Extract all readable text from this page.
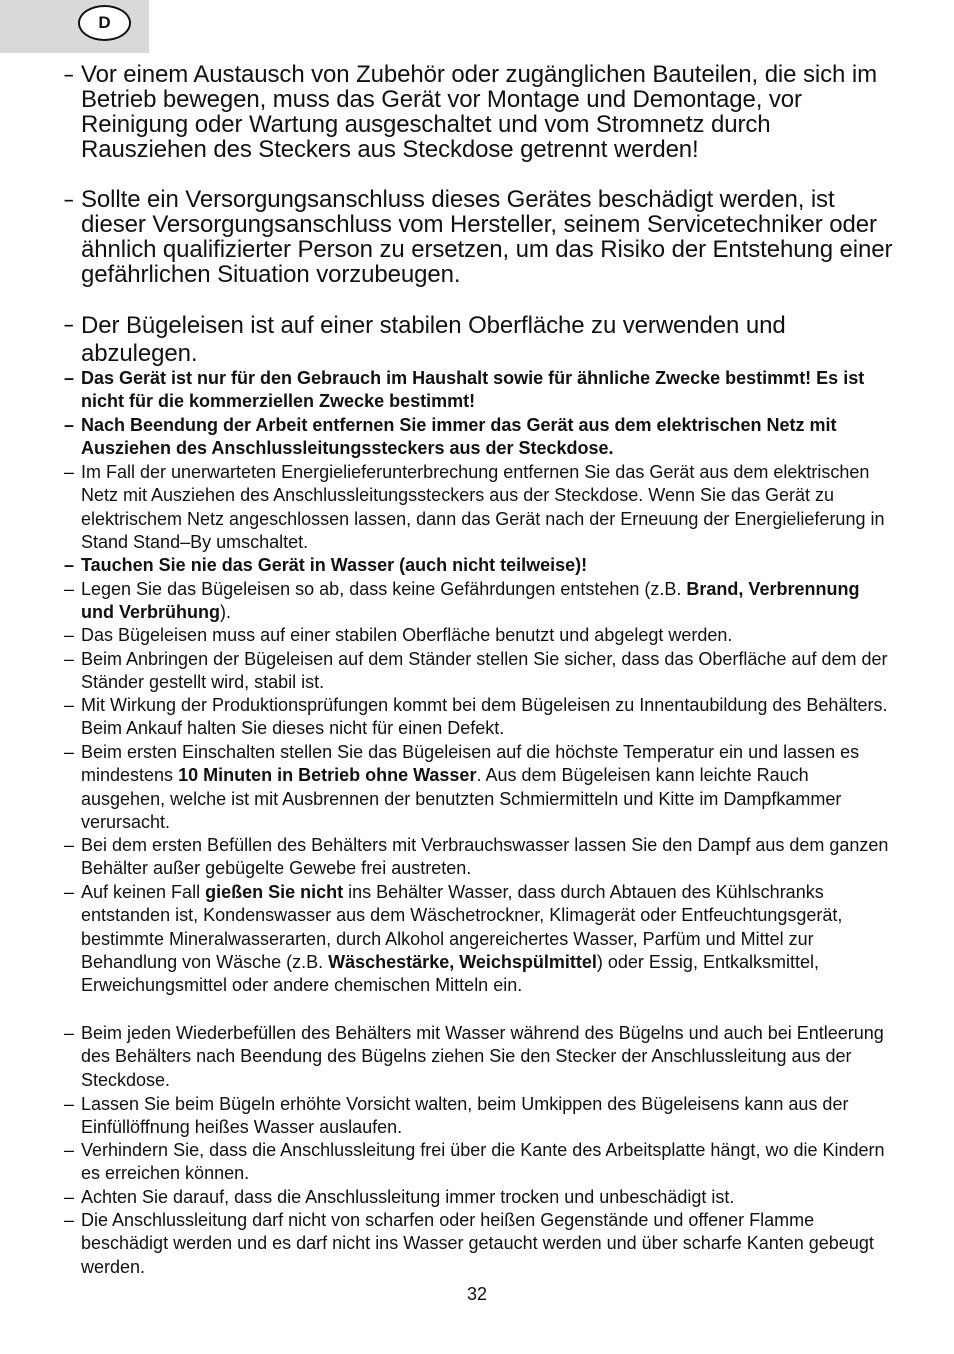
D
– Vor einem Austausch von Zubehör oder zugänglichen Bauteilen, die sich im Betrieb bewegen, muss das Gerät vor Montage und Demontage, vor Reinigung oder Wartung ausgeschaltet und vom Stromnetz durch Rausziehen des Steckers aus Steckdose getrennt werden!
– Sollte ein Versorgungsanschluss dieses Gerätes beschädigt werden, ist dieser Versorgungsanschluss vom Hersteller, seinem Servicetechniker oder ähnlich qualifizierter Person zu ersetzen, um das Risiko der Entstehung einer gefährlichen Situation vorzubeugen.
– Der Bügeleisen ist auf einer stabilen Oberfläche zu verwenden und abzulegen.
– Das Gerät ist nur für den Gebrauch im Haushalt sowie für ähnliche Zwecke bestimmt! Es ist nicht für die kommerziellen Zwecke bestimmt!
– Nach Beendung der Arbeit entfernen Sie immer das Gerät aus dem elektrischen Netz mit Ausziehen des Anschlussleitungssteckers aus der Steckdose.
– Im Fall der unerwarteten Energielieferunterbrechung entfernen Sie das Gerät aus dem elektrischen Netz mit Ausziehen des Anschlussleitungssteckers aus der Steckdose. Wenn Sie das Gerät zu elektrischem Netz angeschlossen lassen, dann das Gerät nach der Erneuung der Energielieferung in Stand Stand–By umschaltet.
– Tauchen Sie nie das Gerät in Wasser (auch nicht teilweise)!
– Legen Sie das Bügeleisen so ab, dass keine Gefährdungen entstehen (z.B. Brand, Verbrennung und Verbrühung).
– Das Bügeleisen muss auf einer stabilen Oberfläche benutzt und abgelegt werden.
– Beim Anbringen der Bügeleisen auf dem Ständer stellen Sie sicher, dass das Oberfläche auf dem der Ständer gestellt wird, stabil ist.
– Mit Wirkung der Produktionsprüfungen kommt bei dem Bügeleisen zu Innentaubildung des Behälters. Beim Ankauf halten Sie dieses nicht für einen Defekt.
– Beim ersten Einschalten stellen Sie das Bügeleisen auf die höchste Temperatur ein und lassen es mindestens 10 Minuten in Betrieb ohne Wasser. Aus dem Bügeleisen kann leichte Rauch ausgehen, welche ist mit Ausbrennen der benutzten Schmiermitteln und Kitte im Dampfkammer verursacht.
– Bei dem ersten Befüllen des Behälters mit Verbrauchswasser lassen Sie den Dampf aus dem ganzen Behälter außer gebügelte Gewebe frei austreten.
– Auf keinen Fall gießen Sie nicht ins Behälter Wasser, dass durch Abtauen des Kühlschranks entstanden ist, Kondenswasser aus dem Wäschetrockner, Klimagerät oder Entfeuchtungsgerät, bestimmte Mineralwasserarten, durch Alkohol angereichertes Wasser, Parfüm und Mittel zur Behandlung von Wäsche (z.B. Wäschestärke, Weichspülmittel) oder Essig, Entkalksmittel, Erweichungsmittel oder andere chemischen Mitteln ein.
– Beim jeden Wiederbefüllen des Behälters mit Wasser während des Bügelns und auch bei Entleerung des Behälters nach Beendung des Bügelns ziehen Sie den Stecker der Anschlussleitung aus der Steckdose.
– Lassen Sie beim Bügeln erhöhte Vorsicht walten, beim Umkippen des Bügeleisens kann aus der Einfüllöffnung heißes Wasser auslaufen.
– Verhindern Sie, dass die Anschlussleitung frei über die Kante des Arbeitsplatte hängt, wo die Kindern es erreichen können.
– Achten Sie darauf, dass die Anschlussleitung immer trocken und unbeschädigt ist.
– Die Anschlussleitung darf nicht von scharfen oder heißen Gegenstände und offener Flamme beschädigt werden und es darf nicht ins Wasser getaucht werden und über scharfe Kanten gebeugt werden.
32
